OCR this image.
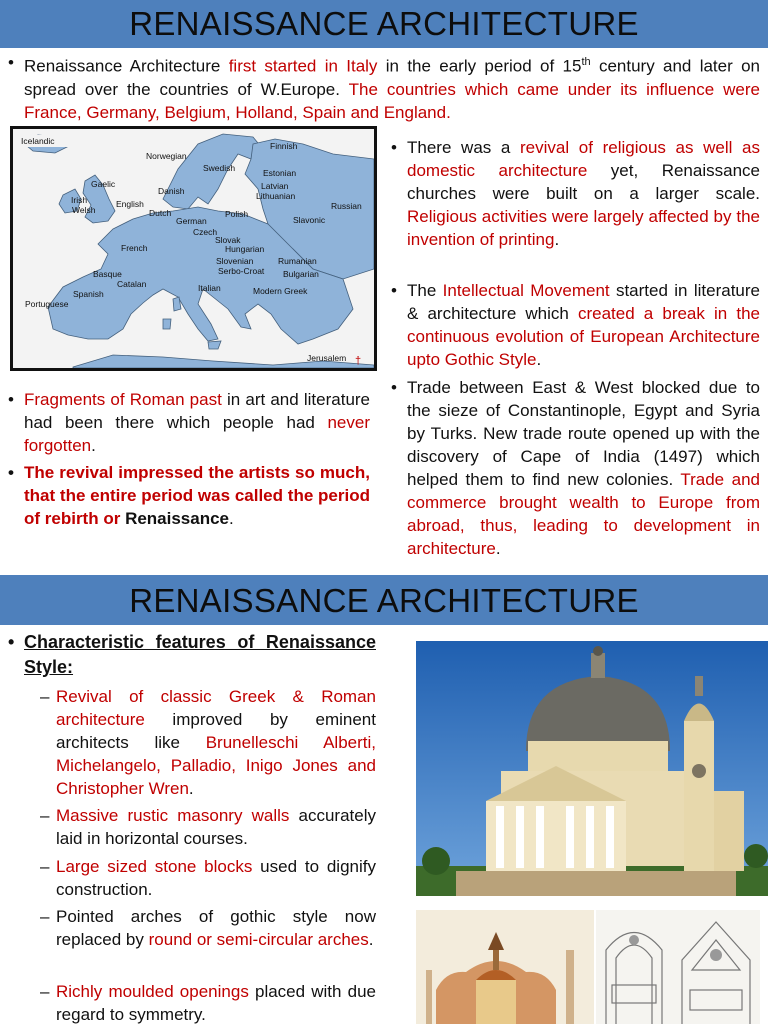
RENAISSANCE ARCHITECTURE
• Renaissance Architecture first started in Italy in the early period of 15th century and later on spread over the countries of W.Europe. The countries which came under its influence were France, Germany, Belgium, Holland, Spain and England.
Icelandic	Finnish
Norwegian
Swedish	Estonian
Latvian
Lithuanian
Gaelic
Danish
Irish
Welsh
English
Dutch
German
Polish
Russian
Slavonic
Czech
Slovak
Hungarian
French
Slovenian
Serbo-Croat
Rumanian
Bulgarian
Basque
Catalan
Spanish
Italian	Modern Greek
Portuguese
Jerusalem †
• Fragments of Roman past in art and literature had been there which people had never forgotten.
• The revival impressed the artists so much, that the entire period was called the period of rebirth or Renaissance.
• There was a revival of religious as well as domestic architecture yet, Renaissance churches were built on a larger scale. Religious activities were largely affected by the invention of printing.
• The Intellectual Movement started in literature & architecture which created a break in the continuous evolution of European Architecture upto Gothic Style.
• Trade between East & West blocked due to the sieze of Constantinople, Egypt and Syria by Turks. New trade route opened up with the discovery of Cape of India (1497) which helped them to find new colonies. Trade and commerce brought wealth to Europe from abroad, thus, leading to development in architecture.
RENAISSANCE ARCHITECTURE
• Characteristic features of Renaissance Style:
– Revival of classic Greek & Roman architecture improved by eminent architects like Brunelleschi Alberti, Michelangelo, Palladio, Inigo Jones and Christopher Wren.
– Massive rustic masonry walls accurately laid in horizontal courses.
– Large sized stone blocks used to dignify construction.
– Pointed arches of gothic style now replaced by round or semi-circular arches.
– Richly moulded openings placed with due regard to symmetry.
